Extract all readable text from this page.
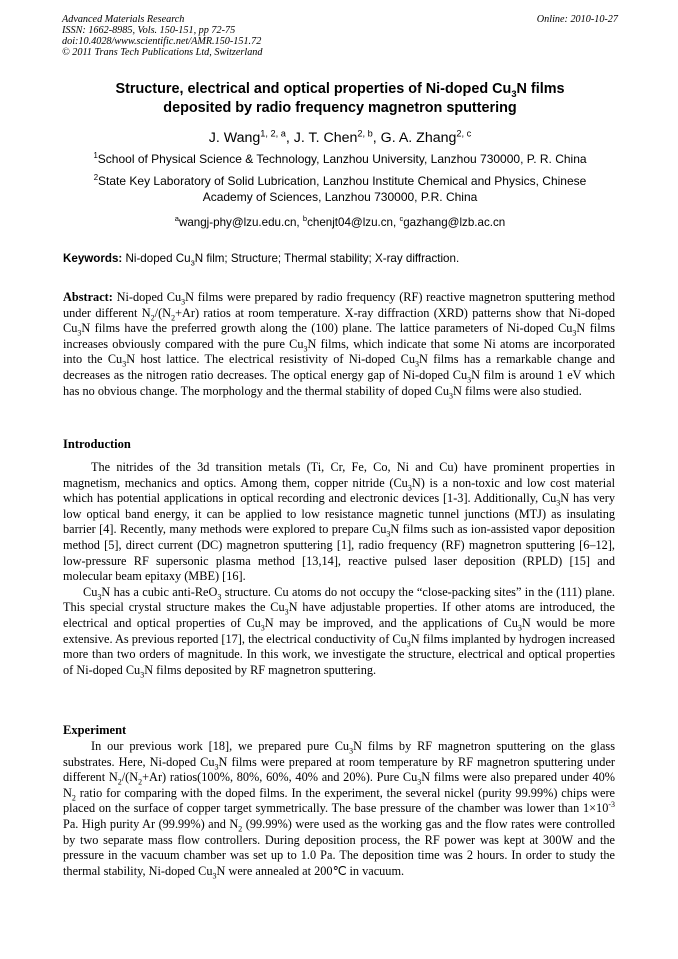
Advanced Materials Research
ISSN: 1662-8985, Vols. 150-151, pp 72-75
doi:10.4028/www.scientific.net/AMR.150-151.72
© 2011 Trans Tech Publications Ltd, Switzerland
Online: 2010-10-27
Structure, electrical and optical properties of Ni-doped $Cu_3N$ films
deposited by radio frequency magnetron sputtering
J. Wang$^{1, 2, a}$, J. T. Chen$^{2, b}$, G. A. Zhang$^{2, c}$
$^1$School of Physical Science & Technology, Lanzhou University, Lanzhou 730000, P. R. China
$^2$State Key Laboratory of Solid Lubrication, Lanzhou Institute Chemical and Physics, Chinese
Academy of Sciences, Lanzhou 730000, P.R. China
$^a$wangj-phy@lzu.edu.cn, $^b$chenjt04@lzu.cn, $^c$gazhang@lzb.ac.cn
Keywords: Ni-doped $Cu_3N$ film; Structure; Thermal stability; X-ray diffraction.
Abstract: Ni-doped $Cu_3N$ films were prepared by radio frequency (RF) reactive magnetron sputtering method under different $N_2/(N_2+Ar)$ ratios at room temperature. X-ray diffraction (XRD) patterns show that Ni-doped $Cu_3N$ films have the preferred growth along the (100) plane. The lattice parameters of Ni-doped $Cu_3N$ films increases obviously compared with the pure $Cu_3N$ films, which indicate that some Ni atoms are incorporated into the $Cu_3N$ host lattice. The electrical resistivity of Ni-doped $Cu_3N$ films has a remarkable change and decreases as the nitrogen ratio decreases. The optical energy gap of Ni-doped $Cu_3N$ film is around 1 eV which has no obvious change. The morphology and the thermal stability of doped $Cu_3N$ films were also studied.
Introduction

The nitrides of the 3d transition metals (Ti, Cr, Fe, Co, Ni and Cu) have prominent properties in magnetism, mechanics and optics. Among them, copper nitride $(Cu_3N)$ is a non-toxic and low cost material which has potential applications in optical recording and electronic devices [1-3]. Additionally, $Cu_3N$ has very low optical band energy, it can be applied to low resistance magnetic tunnel junctions (MTJ) as insulating barrier [4]. Recently, many methods were explored to prepare $Cu_3N$ films such as ion-assisted vapor deposition method [5], direct current (DC) magnetron sputtering [1], radio frequency (RF) magnetron sputtering [6–12], low-pressure RF supersonic plasma method [13,14], reactive pulsed laser deposition (RPLD) [15] and molecular beam epitaxy (MBE) [16].

$Cu_3N$ has a cubic anti-ReO$_3$ structure. Cu atoms do not occupy the “close-packing sites” in the (111) plane. This special crystal structure makes the $Cu_3N$ have adjustable properties. If other atoms are introduced, the electrical and optical properties of $Cu_3N$ may be improved, and the applications of $Cu_3N$ would be more extensive. As previous reported [17], the electrical conductivity of $Cu_3N$ films implanted by hydrogen increased more than two orders of magnitude. In this work, we investigate the structure, electrical and optical properties of Ni-doped $Cu_3N$ films deposited by RF magnetron sputtering.

Experiment

In our previous work [18], we prepared pure $Cu_3N$ films by RF magnetron sputtering on the glass substrates. Here, Ni-doped $Cu_3N$ films were prepared at room temperature by RF magnetron sputtering under different $N_2/(N_2+Ar)$ ratios(100%, 80%, 60%, 40% and 20%). Pure $Cu_3N$ films were also prepared under 40% $N_2$ ratio for comparing with the doped films. In the experiment, the several nickel (purity 99.99%) chips were placed on the surface of copper target symmetrically. The base pressure of the chamber was lower than $1\times 10^{-3}$ Pa. High purity Ar (99.99%) and $N_2$ (99.99%) were used as the working gas and the flow rates were controlled by two separate mass flow controllers. During deposition process, the RF power was kept at 300W and the pressure in the vacuum chamber was set up to 1.0 Pa. The deposition time was 2 hours. In order to study the thermal stability, Ni-doped $Cu_3N$ were annealed at 200℃ in vacuum.
